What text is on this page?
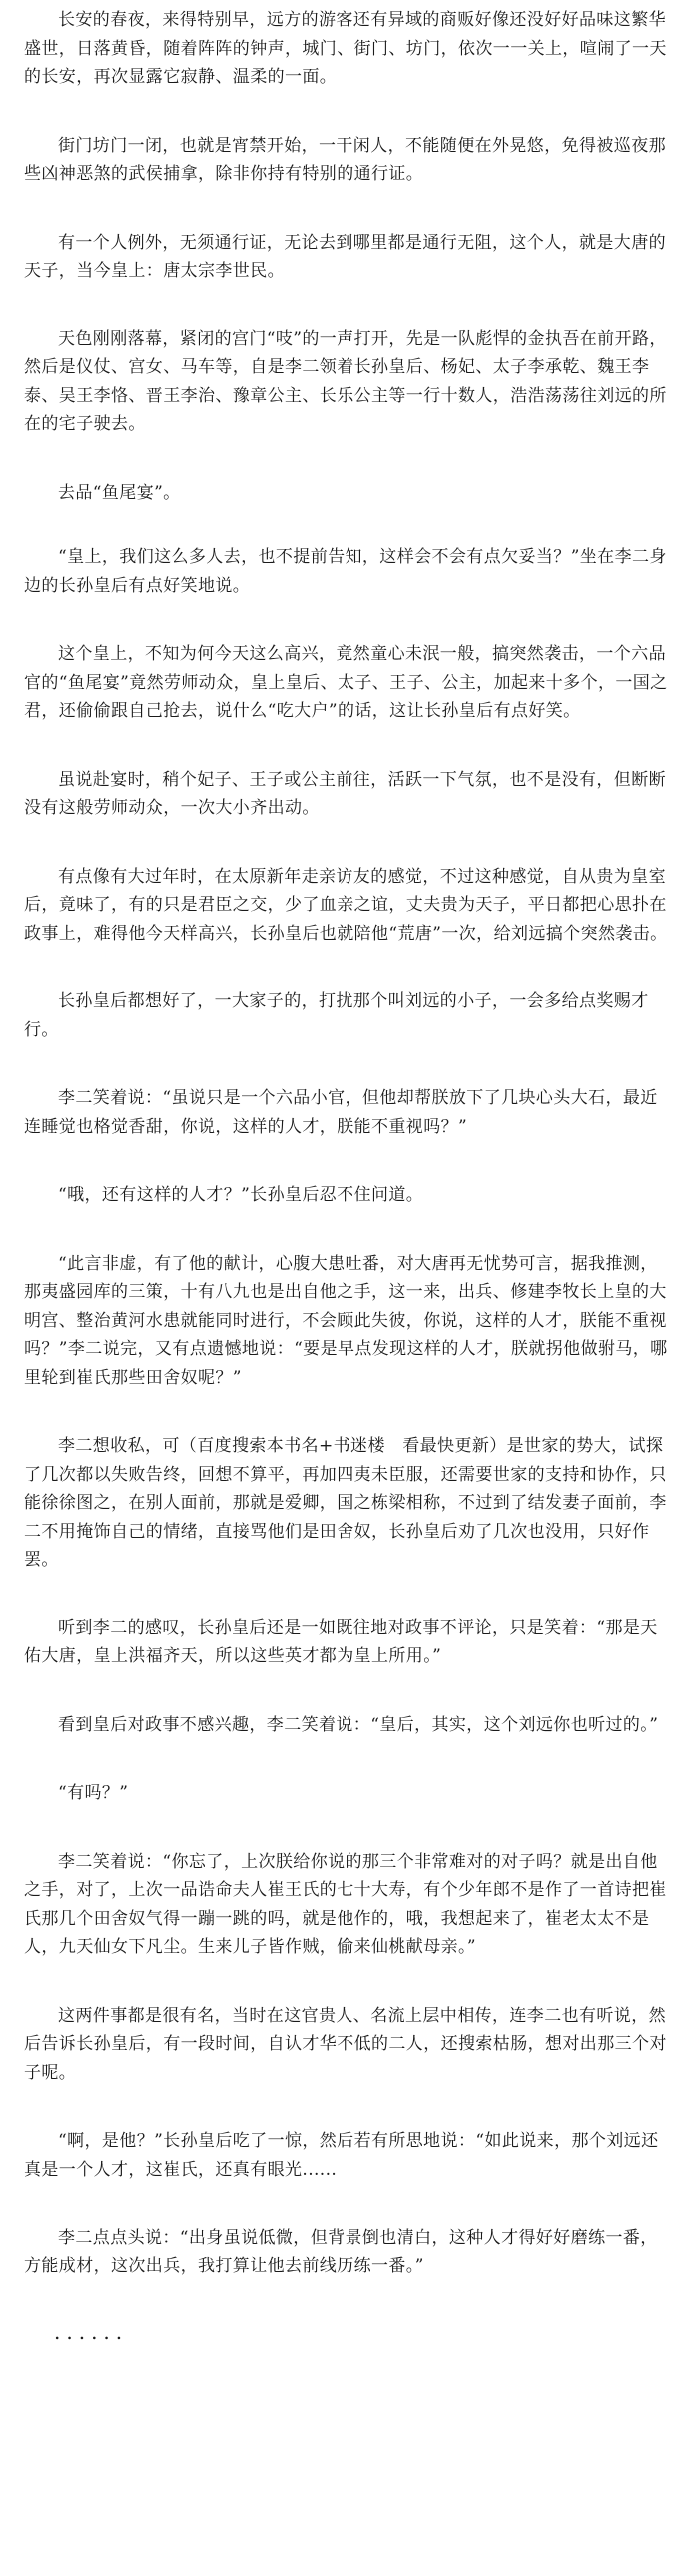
长安的春夜，来得特别早，远方的游客还有异域的商贩好像还没好好品味这繁华盛世，日落黄昏，随着阵阵的钟声，城门、街门、坊门，依次一一关上，喧闹了一天的长安，再次显露它寂静、温柔的一面。

街门坊门一闭，也就是宵禁开始，一干闲人，不能随便在外晃悠，免得被巡夜那些凶神恶煞的武侯捕拿，除非你持有特别的通行证。

有一个人例外，无须通行证，无论去到哪里都是通行无阻，这个人，就是大唐的天子，当今皇上：唐太宗李世民。

天色刚刚落幕，紧闭的宫门“吱”的一声打开，先是一队彪悍的金执吾在前开路，然后是仪仗、宫女、马车等，自是李二领着长孙皇后、杨妃、太子李承乾、魏王李泰、吴王李恪、晋王李治、豫章公主、长乐公主等一行十数人，浩浩荡荡往刘远的所在的宅子驶去。

去品“鱼尾宴”。

“皇上，我们这么多人去，也不提前告知，这样会不会有点欠妥当？”坐在李二身边的长孙皇后有点好笑地说。

这个皇上，不知为何今天这么高兴，竟然童心未泯一般，搞突然袭击，一个六品官的“鱼尾宴”竟然劳师动众，皇上皇后、太子、王子、公主，加起来十多个，一国之君，还偷偷跟自己抢去，说什么“吃大户”的话，这让长孙皇后有点好笑。

虽说赴宴时，稍个妃子、王子或公主前往，活跃一下气氛，也不是没有，但断断没有这般劳师动众，一次大小齐出动。

有点像有大过年时，在太原新年走亲访友的感觉，不过这种感觉，自从贵为皇室后，竟味了，有的只是君臣之交，少了血亲之谊，丈夫贵为天子，平日都把心思扑在政事上，难得他今天样高兴，长孙皇后也就陪他“荒唐”一次，给刘远搞个突然袭击。

长孙皇后都想好了，一大家子的，打扰那个叫刘远的小子，一会多给点奖赐才行。

李二笑着说：“虽说只是一个六品小官，但他却帮朕放下了几块心头大石，最近连睡觉也格觉香甜，你说，这样的人才，朕能不重视吗？”

“哦，还有这样的人才？”长孙皇后忍不住问道。

“此言非虚，有了他的献计，心腹大患吐番，对大唐再无忧势可言，据我推测，那夷盛园库的三策，十有八九也是出自他之手，这一来，出兵、修建李牧长上皇的大明宫、整治黄河水患就能同时进行，不会顾此失彼，你说，这样的人才，朕能不重视吗？”李二说完，又有点遗憾地说：“要是早点发现这样的人才，朕就拐他做驸马，哪里轮到崔氏那些田舍奴呢？”

李二想收私，可（百度搜索本书名+书迷楼　看最快更新）是世家的势大，试探了几次都以失败告终，回想不算平，再加四夷未臣服，还需要世家的支持和协作，只能徐徐图之，在别人面前，那就是爱卿，国之栋梁相称，不过到了结发妻子面前，李二不用掩饰自己的情绪，直接骂他们是田舍奴，长孙皇后劝了几次也没用，只好作罢。

听到李二的感叹，长孙皇后还是一如既往地对政事不评论，只是笑着：“那是天佑大唐，皇上洪福齐天，所以这些英才都为皇上所用。”

看到皇后对政事不感兴趣，李二笑着说：“皇后，其实，这个刘远你也听过的。”

“有吗？”

李二笑着说：“你忘了，上次朕给你说的那三个非常难对的对子吗？就是出自他之手，对了，上次一品诰命夫人崔王氏的七十大寿，有个少年郎不是作了一首诗把崔氏那几个田舍奴气得一蹦一跳的吗，就是他作的，哦，我想起来了，崔老太太不是人，九天仙女下凡尘。生来儿子皆作贼，偷来仙桃献母亲。”

这两件事都是很有名，当时在这官贵人、名流上层中相传，连李二也有听说，然后告诉长孙皇后，有一段时间，自认才华不低的二人，还搜索枯肠，想对出那三个对子呢。

“啊，是他？”长孙皇后吃了一惊，然后若有所思地说：“如此说来，那个刘远还真是一个人才，这崔氏，还真有眼光......

李二点点头说：“出身虽说低微，但背景倒也清白，这种人才得好好磨练一番，方能成材，这次出兵，我打算让他去前线历练一番。”

......
